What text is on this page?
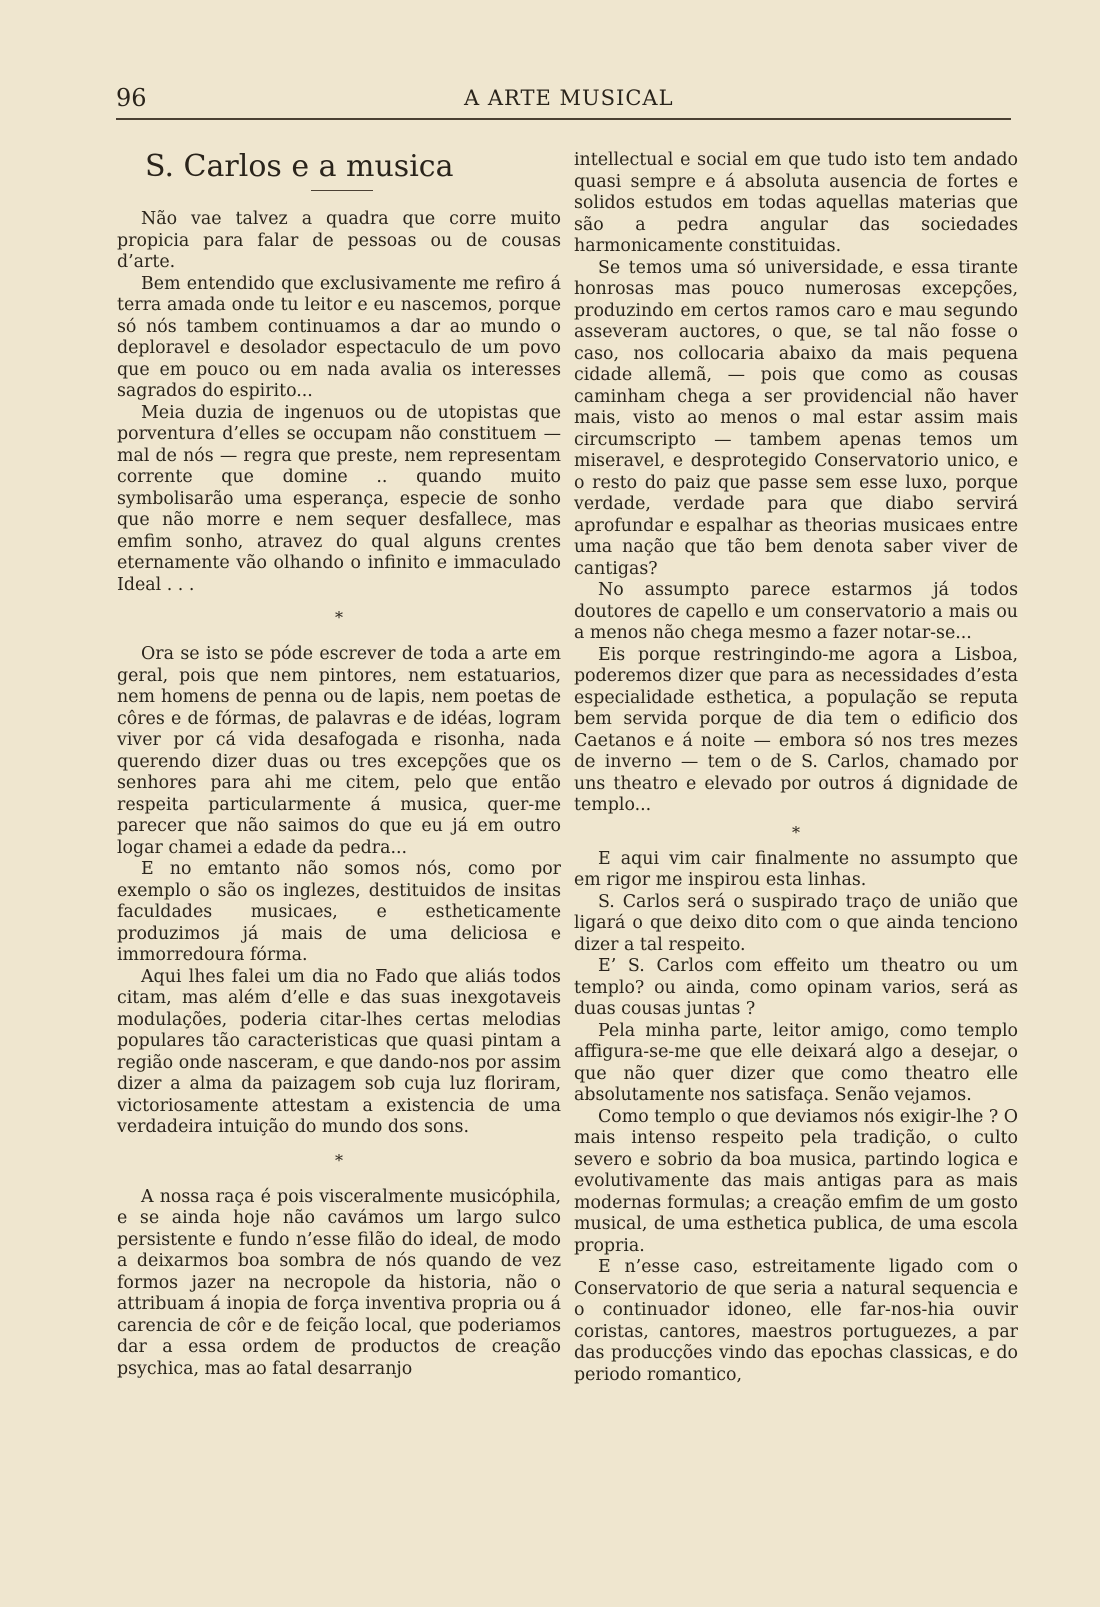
96	A ARTE MUSICAL
S. Carlos e a musica

Não vae talvez a quadra que corre muito propicia para falar de pessoas ou de cousas d’arte.

Bem entendido que exclusivamente me refiro á terra amada onde tu leitor e eu nascemos, porque só nós tambem continuamos a dar ao mundo o deploravel e desolador espectaculo de um povo que em pouco ou em nada avalia os interesses sagrados do espirito...

Meia duzia de ingenuos ou de utopistas que porventura d’elles se occupam não constituem — mal de nós — regra que preste, nem representam corrente que domine .. quando muito symbolisarão uma esperança, especie de sonho que não morre e nem sequer desfallece, mas emfim sonho, atravez do qual alguns crentes eternamente vão olhando o infinito e immaculado Ideal . . .

*

Ora se isto se póde escrever de toda a arte em geral, pois que nem pintores, nem estatuarios, nem homens de penna ou de lapis, nem poetas de côres e de fórmas, de palavras e de idéas, logram viver por cá vida desafogada e risonha, nada querendo dizer duas ou tres excepções que os senhores para ahi me citem, pelo que então respeita particularmente á musica, quer-me parecer que não saimos do que eu já em outro logar chamei a edade da pedra...

E no emtanto não somos nós, como por exemplo o são os inglezes, destituidos de insitas faculdades musicaes, e estheticamente produzimos já mais de uma deliciosa e immorredoura fórma.

Aqui lhes falei um dia no Fado que aliás todos citam, mas além d’elle e das suas inexgotaveis modulações, poderia citar-lhes certas melodias populares tão caracteristicas que quasi pintam a região onde nasceram, e que dando-nos por assim dizer a alma da paizagem sob cuja luz floriram, victoriosamente attestam a existencia de uma verdadeira intuição do mundo dos sons.

*

A nossa raça é pois visceralmente musicóphila, e se ainda hoje não cavámos um largo sulco persistente e fundo n’esse filão do ideal, de modo a deixarmos boa sombra de nós quando de vez formos jazer na necropole da historia, não o attribuam á inopia de força inventiva propria ou á carencia de côr e de feição local, que poderiamos dar a essa ordem de productos de creação psychica, mas ao fatal desarranjo

intellectual e social em que tudo isto tem andado quasi sempre e á absoluta ausencia de fortes e solidos estudos em todas aquellas materias que são a pedra angular das sociedades harmonicamente constituidas.

Se temos uma só universidade, e essa tirante honrosas mas pouco numerosas excepções, produzindo em certos ramos caro e mau segundo asseveram auctores, o que, se tal não fosse o caso, nos collocaria abaixo da mais pequena cidade allemã, — pois que como as cousas caminham chega a ser providencial não haver mais, visto ao menos o mal estar assim mais circumscripto — tambem apenas temos um miseravel, e desprotegido Conservatorio unico, e o resto do paiz que passe sem esse luxo, porque verdade, verdade para que diabo servirá aprofundar e espalhar as theorias musicaes entre uma nação que tão bem denota saber viver de cantigas?

No assumpto parece estarmos já todos doutores de capello e um conservatorio a mais ou a menos não chega mesmo a fazer notar-se...

Eis porque restringindo-me agora a Lisboa, poderemos dizer que para as necessidades d’esta especialidade esthetica, a população se reputa bem servida porque de dia tem o edificio dos Caetanos e á noite — embora só nos tres mezes de inverno — tem o de S. Carlos, chamado por uns theatro e elevado por outros á dignidade de templo...

*

E aqui vim cair finalmente no assumpto que em rigor me inspirou esta linhas.

S. Carlos será o suspirado traço de união que ligará o que deixo dito com o que ainda tenciono dizer a tal respeito.

E’ S. Carlos com effeito um theatro ou um templo? ou ainda, como opinam varios, será as duas cousas juntas ?

Pela minha parte, leitor amigo, como templo affigura-se-me que elle deixará algo a desejar, o que não quer dizer que como theatro elle absolutamente nos satisfaça. Senão vejamos.

Como templo o que deviamos nós exigir-lhe ? O mais intenso respeito pela tradição, o culto severo e sobrio da boa musica, partindo logica e evolutivamente das mais antigas para as mais modernas formulas; a creação emfim de um gosto musical, de uma esthetica publica, de uma escola propria.

E n’esse caso, estreitamente ligado com o Conservatorio de que seria a natural sequencia e o continuador idoneo, elle far-nos-hia ouvir coristas, cantores, maestros portuguezes, a par das producções vindo das epochas classicas, e do periodo romantico,
